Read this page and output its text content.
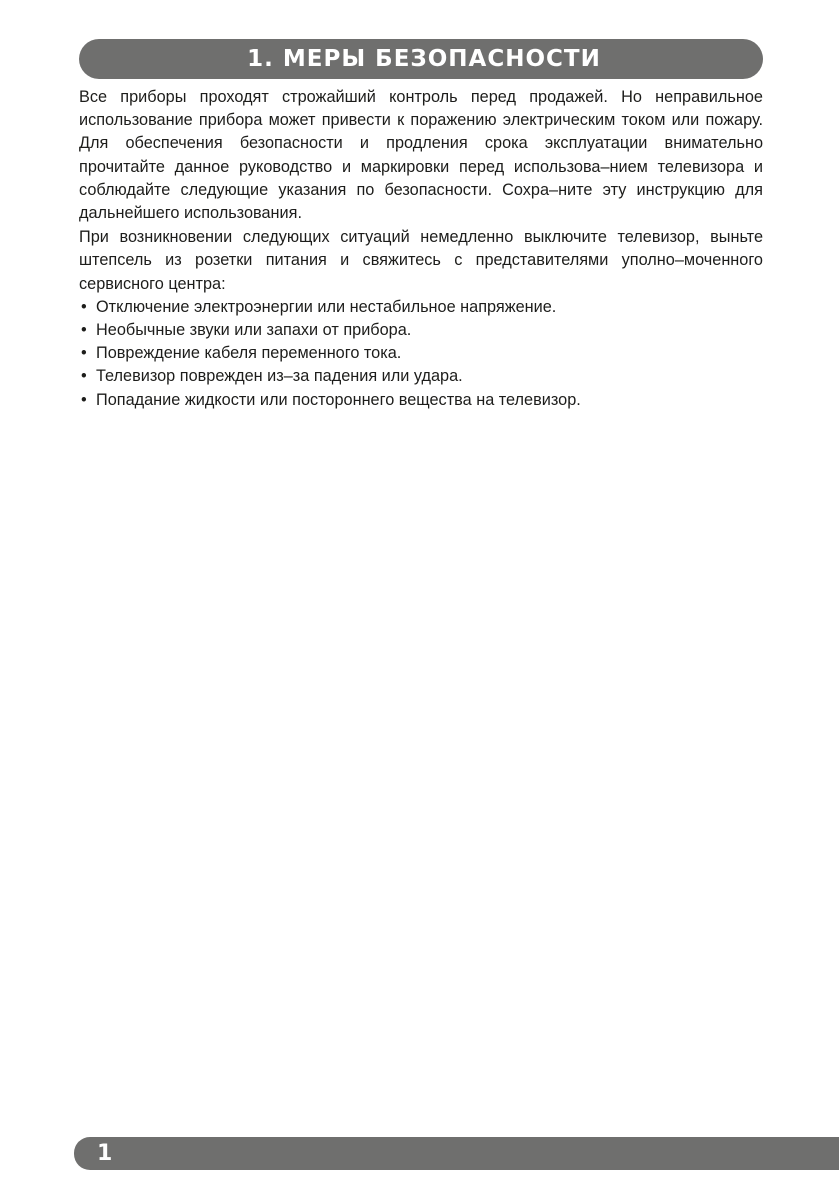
1. МЕРЫ БЕЗОПАСНОСТИ

Все приборы проходят строжайший контроль перед продажей. Но неправильное использование прибора может привести к поражению электрическим током или пожару. Для обеспечения безопасности и продления срока эксплуатации внимательно прочитайте данное руководство и маркировки перед использова–нием телевизора и соблюдайте следующие указания по безопасности. Сохра–ните эту инструкцию для дальнейшего использования.

При возникновении следующих ситуаций немедленно выключите телевизор, выньте штепсель из розетки питания и свяжитесь с представителями уполно–моченного сервисного центра:

• Отключение электроэнергии или нестабильное напряжение.
• Необычные звуки или запахи от прибора.
• Повреждение кабеля переменного тока.
• Телевизор поврежден из–за падения или удара.
• Попадание жидкости или постороннего вещества на телевизор.
1
